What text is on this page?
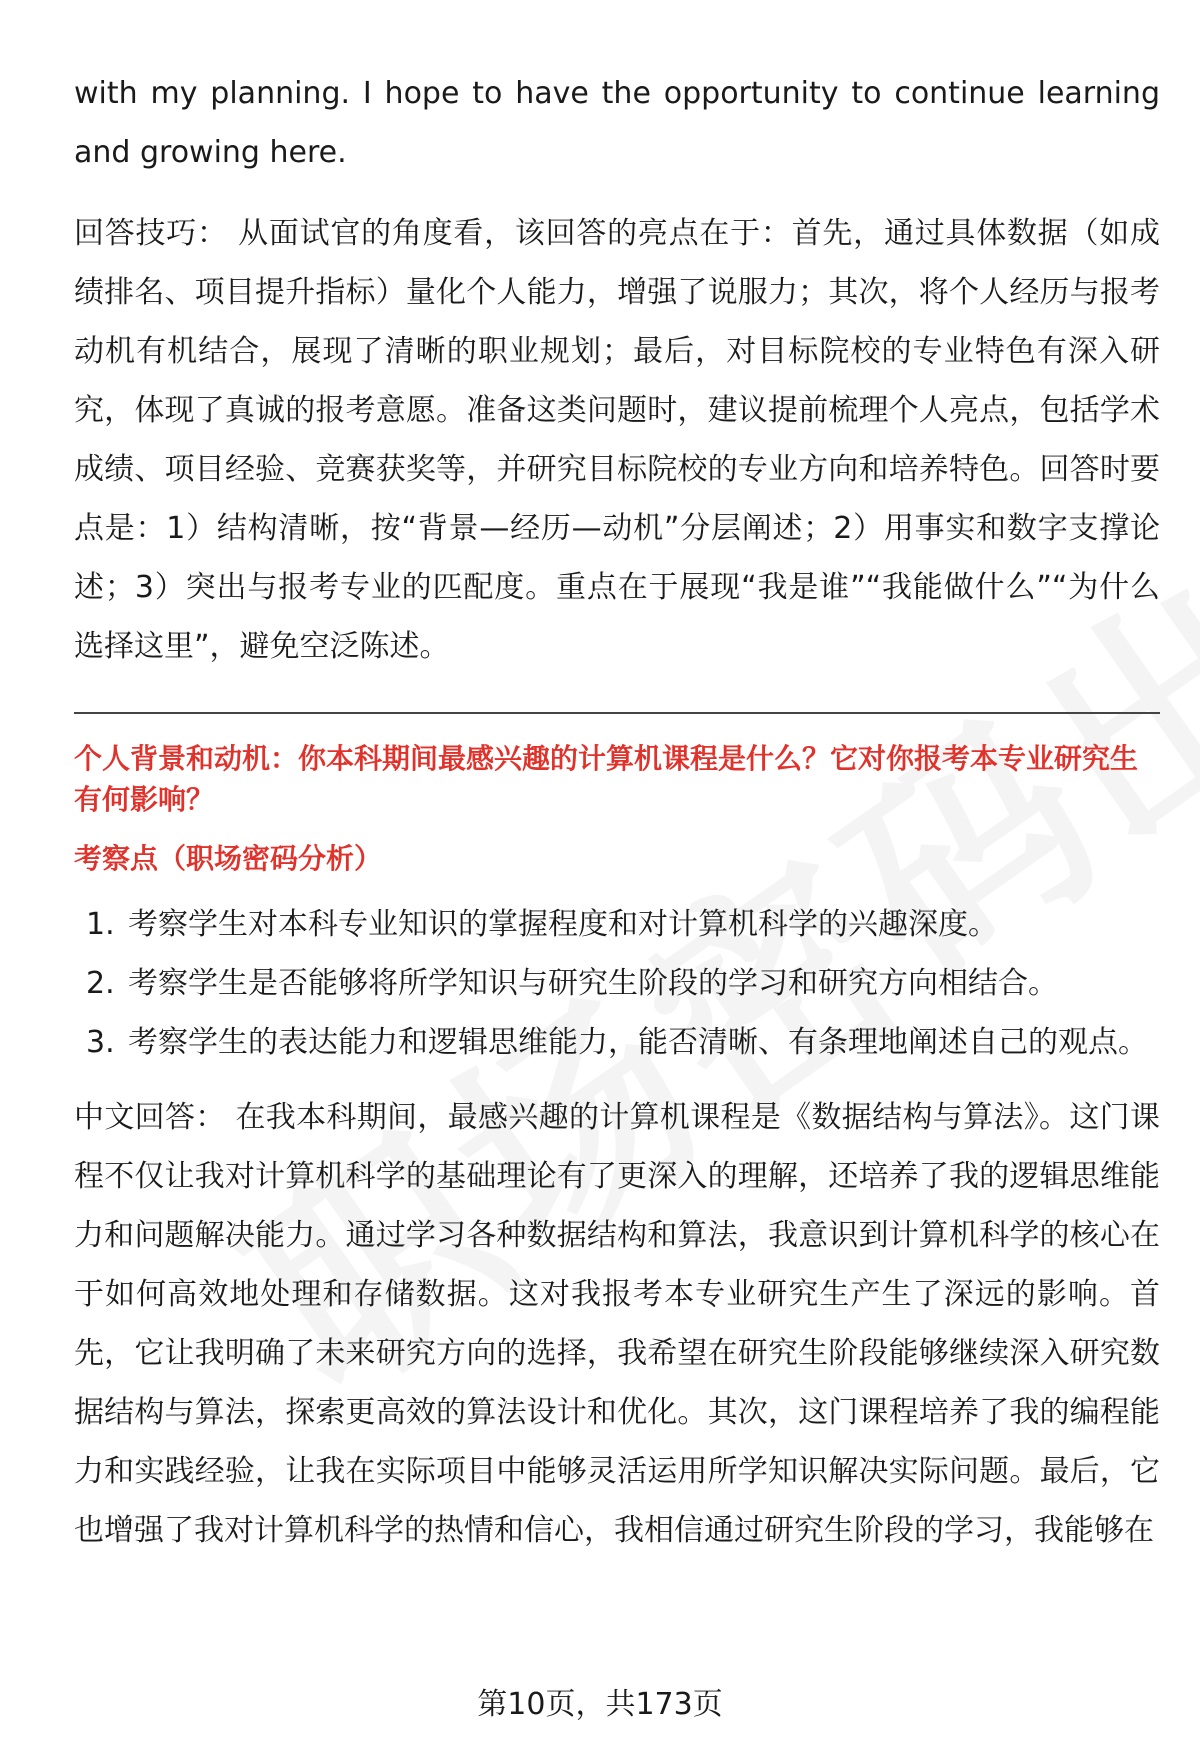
with my planning. I hope to have the opportunity to continue learning and growing here.

回答技巧： 从面试官的角度看，该回答的亮点在于：首先，通过具体数据（如成绩排名、项目提升指标）量化个人能力，增强了说服力；其次，将个人经历与报考动机有机结合，展现了清晰的职业规划；最后，对目标院校的专业特色有深入研究，体现了真诚的报考意愿。准备这类问题时，建议提前梳理个人亮点，包括学术成绩、项目经验、竞赛获奖等，并研究目标院校的专业方向和培养特色。回答时要点是：1）结构清晰，按“背景—经历—动机”分层阐述；2）用事实和数字支撑论述；3）突出与报考专业的匹配度。重点在于展现“我是谁”“我能做什么”“为什么选择这里”，避免空泛陈述。

个人背景和动机：你本科期间最感兴趣的计算机课程是什么？它对你报考本专业研究生有何影响？

考察点（职场密码分析）

1. 考察学生对本科专业知识的掌握程度和对计算机科学的兴趣深度。
2. 考察学生是否能够将所学知识与研究生阶段的学习和研究方向相结合。
3. 考察学生的表达能力和逻辑思维能力，能否清晰、有条理地阐述自己的观点。

中文回答： 在我本科期间，最感兴趣的计算机课程是《数据结构与算法》。这门课程不仅让我对计算机科学的基础理论有了更深入的理解，还培养了我的逻辑思维能力和问题解决能力。通过学习各种数据结构和算法，我意识到计算机科学的核心在于如何高效地处理和存储数据。这对我报考本专业研究生产生了深远的影响。首先，它让我明确了未来研究方向的选择，我希望在研究生阶段能够继续深入研究数据结构与算法，探索更高效的算法设计和优化。其次，这门课程培养了我的编程能力和实践经验，让我在实际项目中能够灵活运用所学知识解决实际问题。最后，它也增强了我对计算机科学的热情和信心，我相信通过研究生阶段的学习，我能够在

第10页，共173页
